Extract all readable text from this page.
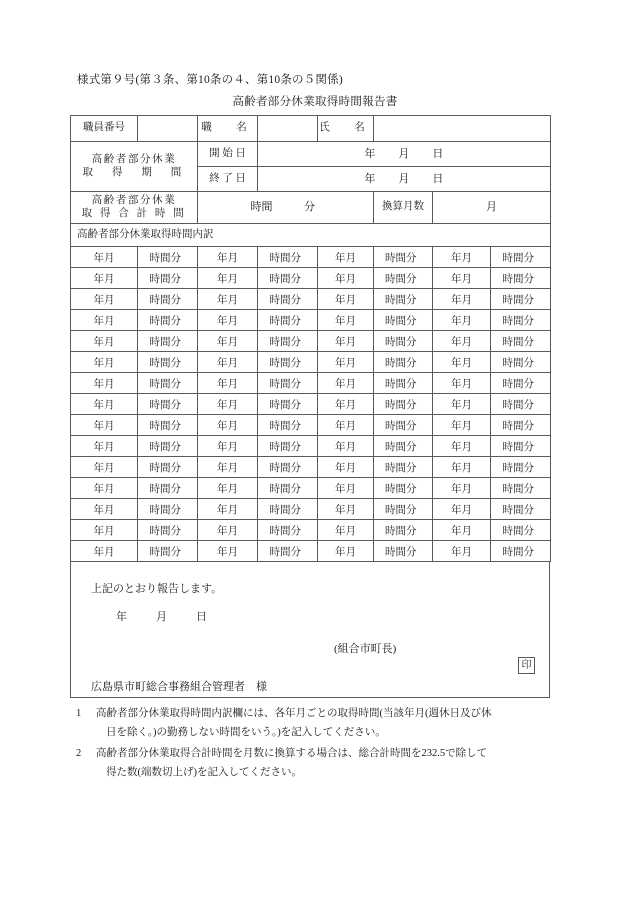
様式第９号(第３条、第10条の４、第10条の５関係)
高齢者部分休業取得時間報告書
職員番号		職　名		氏　名		

高齢者部分休業
取　得　期　間		開 始 日	年 月 日			
		終 了 日	年 月 日			

高齢者部分休業
取 得 合 計 時 間		時間 分			換算月数	月
高齢者部分休業取得時間内訳						
年月	時間分	年月	時間分	年月	時間分	年月	時間分
年月	時間分	年月	時間分	年月	時間分	年月	時間分
年月	時間分	年月	時間分	年月	時間分	年月	時間分
年月	時間分	年月	時間分	年月	時間分	年月	時間分
年月	時間分	年月	時間分	年月	時間分	年月	時間分
年月	時間分	年月	時間分	年月	時間分	年月	時間分
年月	時間分	年月	時間分	年月	時間分	年月	時間分
年月	時間分	年月	時間分	年月	時間分	年月	時間分
年月	時間分	年月	時間分	年月	時間分	年月	時間分
年月	時間分	年月	時間分	年月	時間分	年月	時間分
年月	時間分	年月	時間分	年月	時間分	年月	時間分
年月	時間分	年月	時間分	年月	時間分	年月	時間分
年月	時間分	年月	時間分	年月	時間分	年月	時間分
年月	時間分	年月	時間分	年月	時間分	年月	時間分
年月	時間分	年月	時間分	年月	時間分	年月	時間分
上記のとおり報告します。
年	月	日
(組合市町長)
印
広島県市町総合事務組合管理者　様
1 高齢者部分休業取得時間内訳欄には、各年月ごとの取得時間(当該年月(週休日及び休
日を除く。)の勤務しない時間をいう。)を記入してください。
2 高齢者部分休業取得合計時間を月数に換算する場合は、総合計時間を232.5で除して
得た数(端数切上げ)を記入してください。
